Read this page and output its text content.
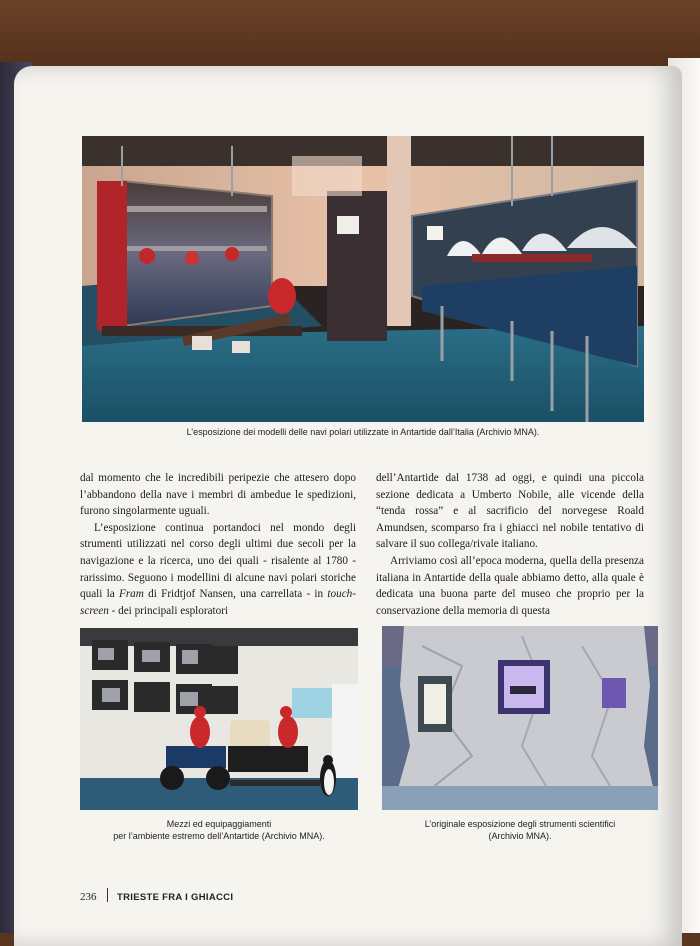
L’esposizione dei modelli delle navi polari utilizzate in Antartide dall’Italia (Archivio MNA).

dal momento che le incredibili peripezie che attesero dopo l’abbandono della nave i membri di ambedue le spedizioni, furono singolarmente uguali.

L’esposizione continua portandoci nel mondo degli strumenti utilizzati nel corso degli ultimi due secoli per la navigazione e la ricerca, uno dei quali - risalente al 1780 - rarissimo. Seguono i modellini di alcune navi polari storiche quali la Fram di Fridtjof Nansen, una carrellata - in touch-screen - dei principali esploratori

dell’Antartide dal 1738 ad oggi, e quindi una piccola sezione dedicata a Umberto Nobile, alle vicende della “tenda rossa” e al sacrificio del norvegese Roald Amundsen, scomparso fra i ghiacci nel nobile tentativo di salvare il suo collega/rivale italiano.

Arriviamo così all’epoca moderna, quella della presenza italiana in Antartide della quale abbiamo detto, alla quale è dedicata una buona parte del museo che proprio per la conservazione della memoria di questa

Mezzi ed equipaggiamenti
per l’ambiente estremo dell’Antartide (Archivio MNA).
L’originale esposizione degli strumenti scientifici
(Archivio MNA).
236 TRIESTE FRA I GHIACCI
